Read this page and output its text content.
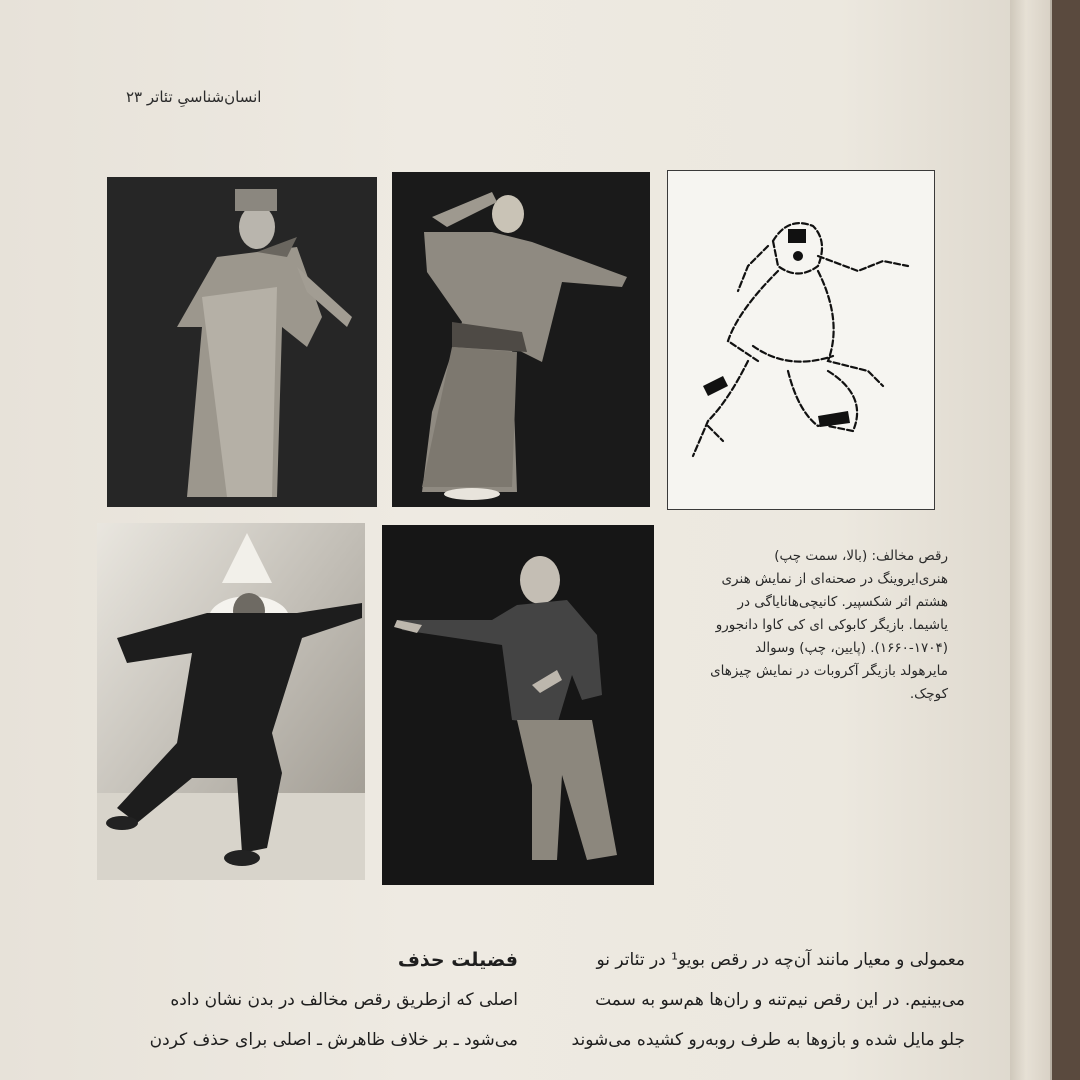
انسان‌شناسیِ تئاتر ۲۳
رقص مخالف: (بالا، سمت چپ)
هنری‌ایروینگ در صحنه‌ای از نمایش هنری
هشتم اثر شکسپیر. کانیچی‌هانایاگی در
یاشیما. بازیگر کابوکی ای کی کاوا دانجورو
(۱۶۶۰-۱۷۰۴). (پایین، چپ) وسوالد
مایرهولد بازیگر آکروبات در نمایش چیزهای
کوچک.
معمولی و معیار مانند آن‌چه در رقص بویو¹ در تئاتر نو
می‌بینیم. در این رقص نیم‌تنه و ران‌ها هم‌سو به سمت
جلو مایل شده و بازوها به طرف روبه‌رو کشیده می‌شوند
فضیلت حذف
اصلی که ازطریق رقص مخالف در بدن نشان داده
می‌شود ـ بر خلاف ظاهرش ـ اصلی برای حذف کردن
